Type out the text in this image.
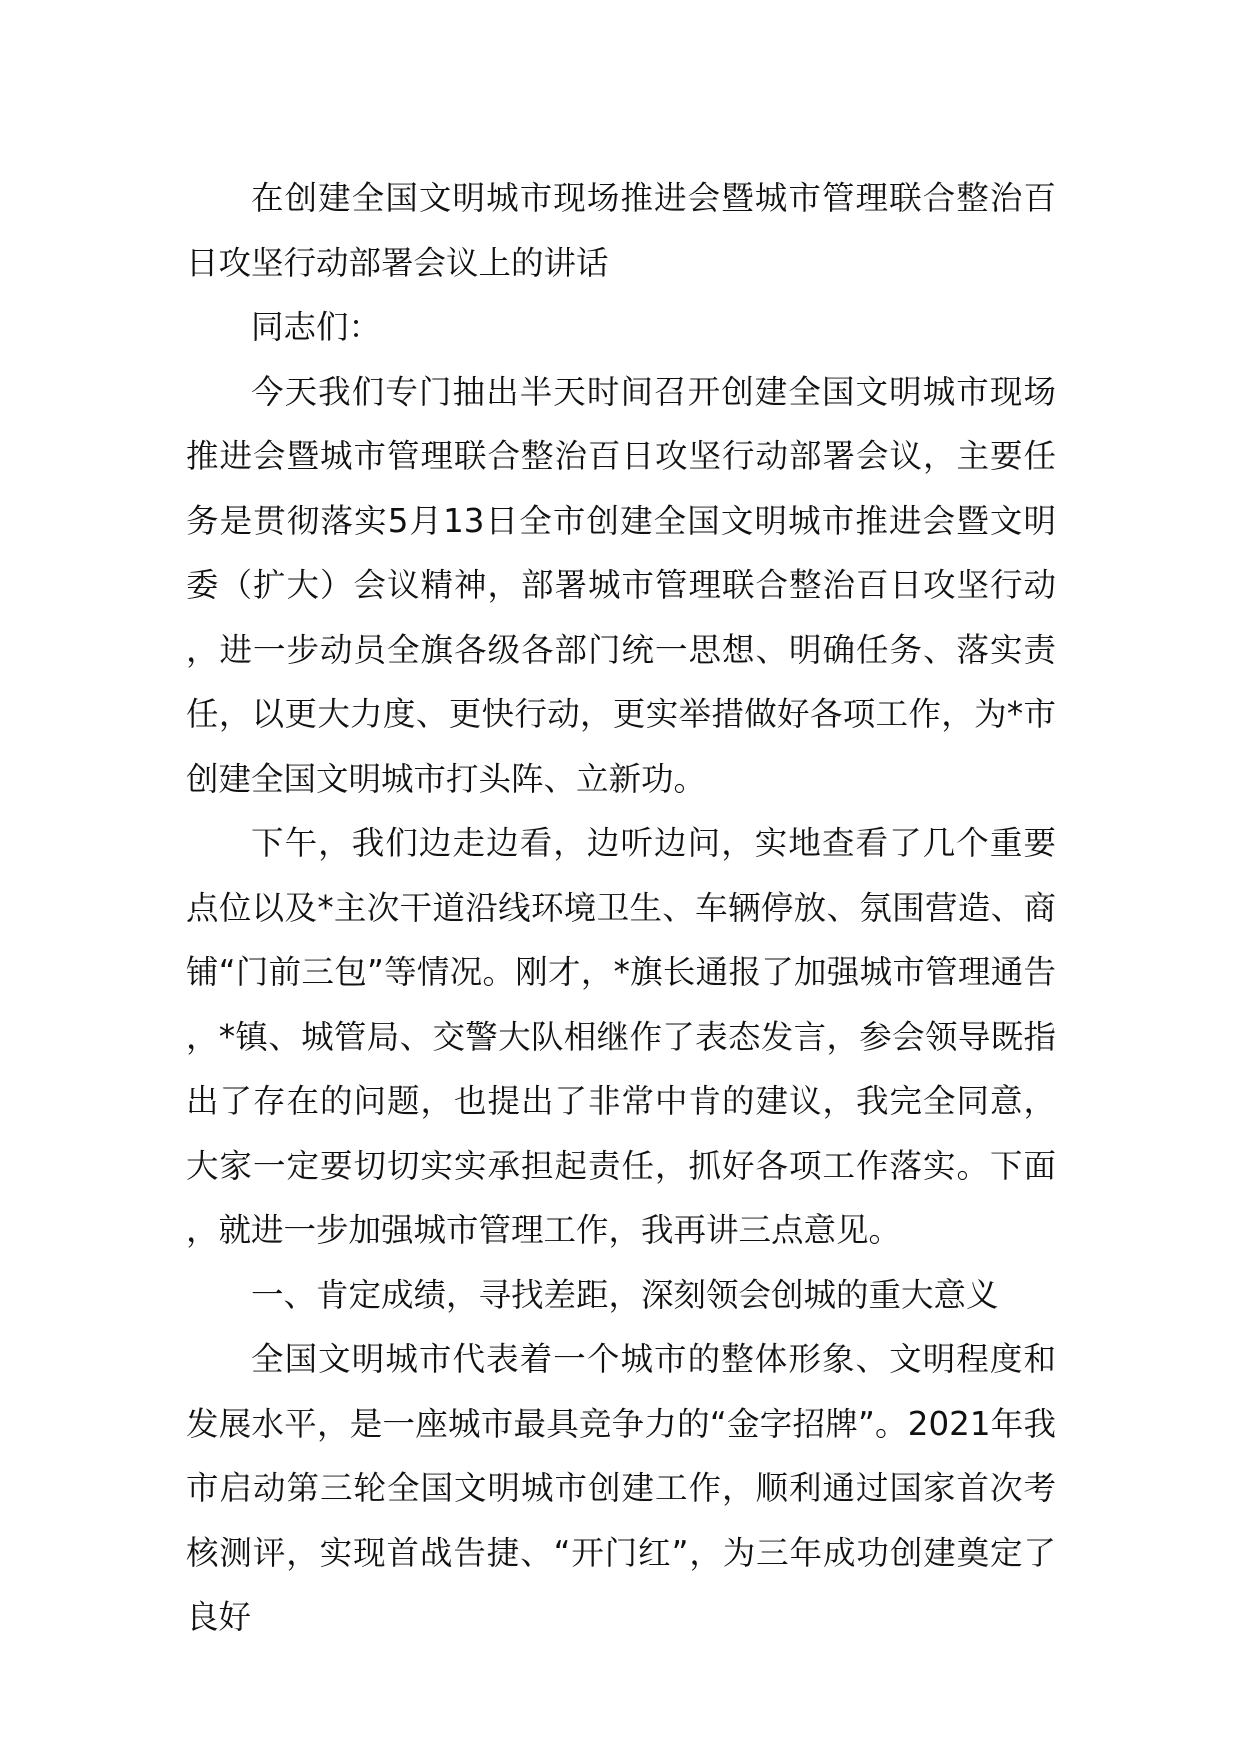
在创建全国文明城市现场推进会暨城市管理联合整治百日攻坚行动部署会议上的讲话

同志们：

今天我们专门抽出半天时间召开创建全国文明城市现场推进会暨城市管理联合整治百日攻坚行动部署会议，主要任务是贯彻落实5月13日全市创建全国文明城市推进会暨文明委（扩大）会议精神，部署城市管理联合整治百日攻坚行动，进一步动员全旗各级各部门统一思想、明确任务、落实责任，以更大力度、更快行动，更实举措做好各项工作，为*市创建全国文明城市打头阵、立新功。

下午，我们边走边看，边听边问，实地查看了几个重要点位以及*主次干道沿线环境卫生、车辆停放、氛围营造、商铺“门前三包”等情况。刚才，*旗长通报了加强城市管理通告，*镇、城管局、交警大队相继作了表态发言，参会领导既指出了存在的问题，也提出了非常中肯的建议，我完全同意，大家一定要切切实实承担起责任，抓好各项工作落实。下面，就进一步加强城市管理工作，我再讲三点意见。

一、肯定成绩，寻找差距，深刻领会创城的重大意义

全国文明城市代表着一个城市的整体形象、文明程度和发展水平，是一座城市最具竞争力的“金字招牌”。2021年我市启动第三轮全国文明城市创建工作，顺利通过国家首次考核测评，实现首战告捷、“开门红”，为三年成功创建奠定了良好
